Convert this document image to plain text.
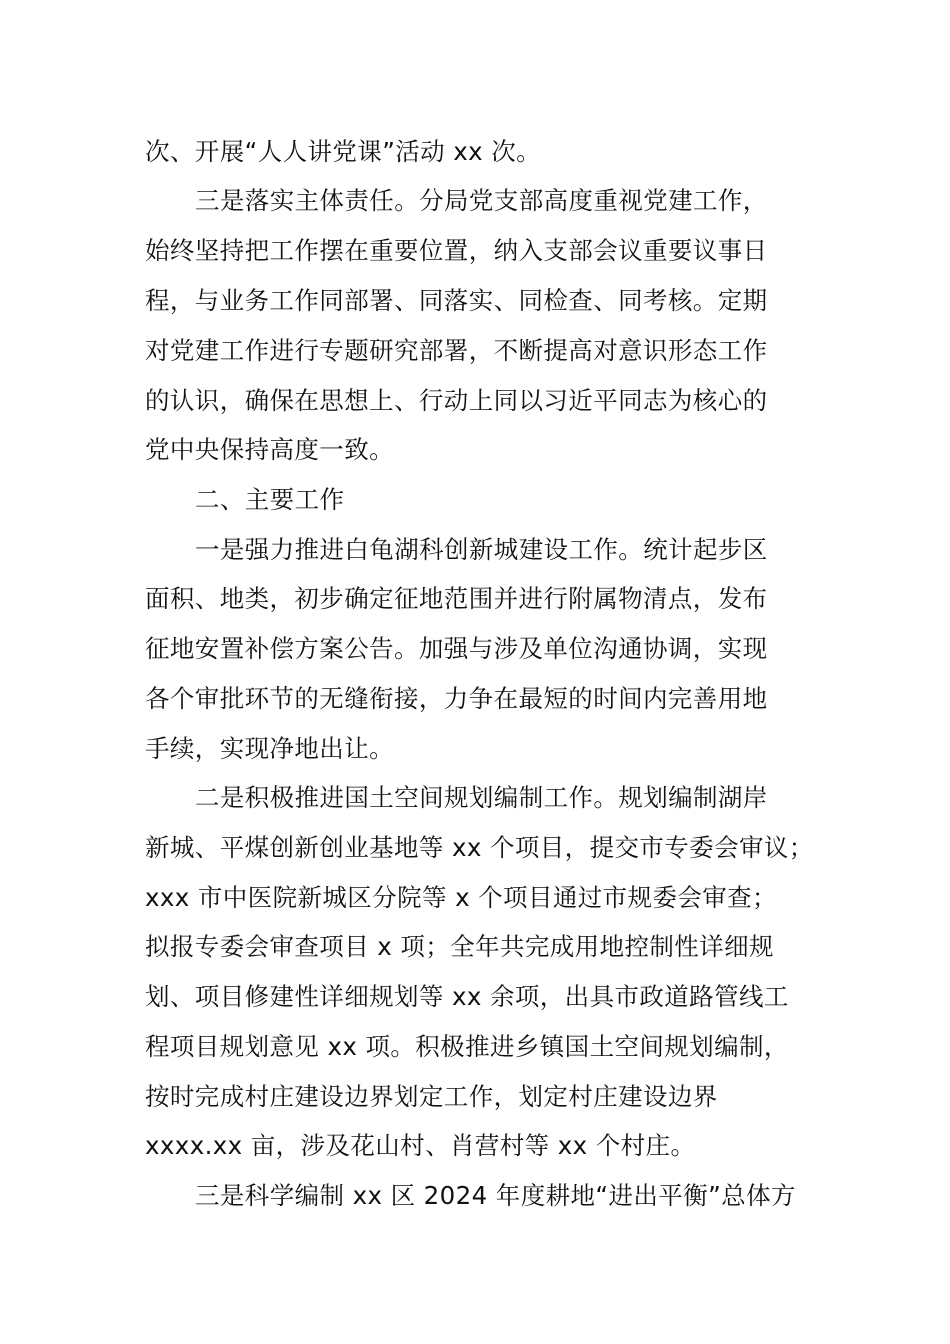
次、开展“人人讲党课”活动 xx 次。
三是落实主体责任。分局党支部高度重视党建工作，
始终坚持把工作摆在重要位置，纳入支部会议重要议事日
程，与业务工作同部署、同落实、同检查、同考核。定期
对党建工作进行专题研究部署，不断提高对意识形态工作
的认识，确保在思想上、行动上同以习近平同志为核心的
党中央保持高度一致。
二、主要工作
一是强力推进白龟湖科创新城建设工作。统计起步区
面积、地类，初步确定征地范围并进行附属物清点，发布
征地安置补偿方案公告。加强与涉及单位沟通协调，实现
各个审批环节的无缝衔接，力争在最短的时间内完善用地
手续，实现净地出让。
二是积极推进国土空间规划编制工作。规划编制湖岸
新城、平煤创新创业基地等 xx 个项目，提交市专委会审议；
xxx 市中医院新城区分院等 x 个项目通过市规委会审查；
拟报专委会审查项目 x 项；全年共完成用地控制性详细规
划、项目修建性详细规划等 xx 余项，出具市政道路管线工
程项目规划意见 xx 项。积极推进乡镇国土空间规划编制，
按时完成村庄建设边界划定工作，划定村庄建设边界
xxxx.xx 亩，涉及花山村、肖营村等 xx 个村庄。
三是科学编制 xx 区 2024 年度耕地“进出平衡”总体方
